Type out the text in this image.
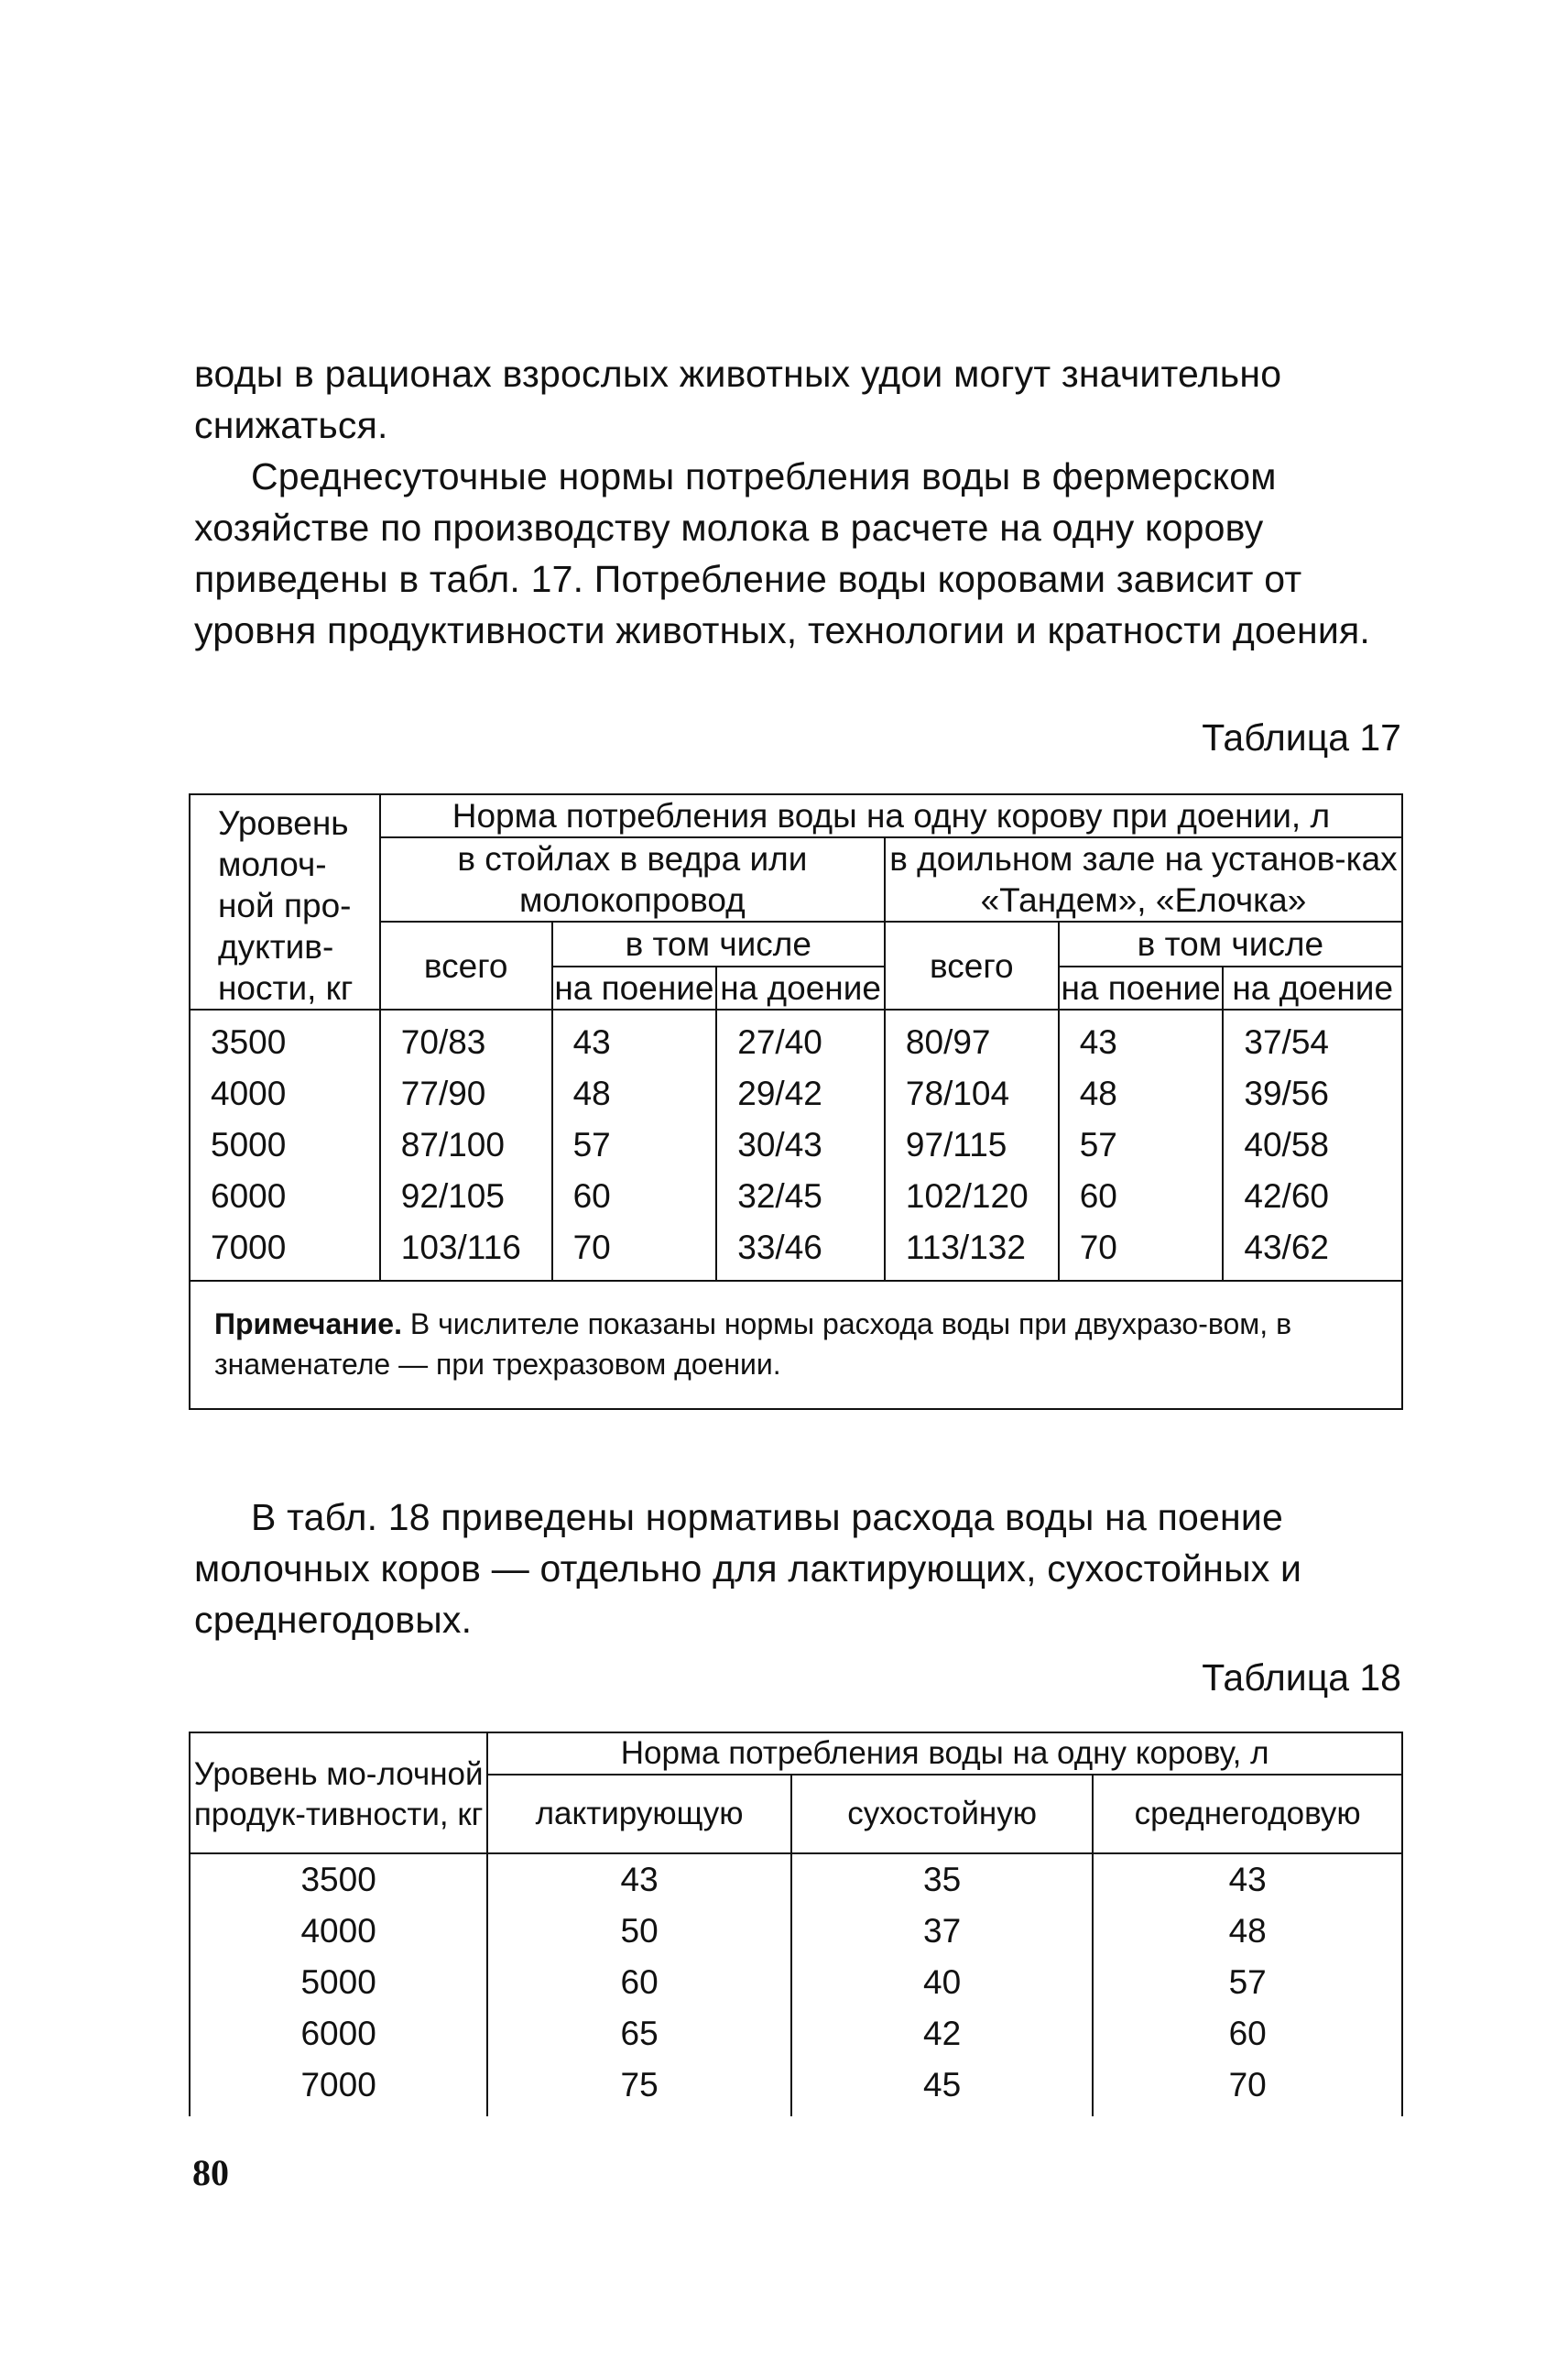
воды в рационах взрослых животных удои могут значительно снижаться.

Среднесуточные нормы потребления воды в фермерском хозяйстве по производству молока в расчете на одну корову приведены в табл. 17. Потребление воды коровами зависит от уровня продуктивности животных, технологии и кратности доения.

Таблица 17
Уровень молоч-ной про-дуктив-ности, кг	Норма потребления воды на одну корову при доении, л					
	в стойлах в ведра или молокопровод			в доильном зале на установ-ках «Тандем», «Елочка»		
	всего	в том числе		всего	в том числе	
		на поение	на доение		на поение	на доение
3500	70/83	43	27/40	80/97	43	37/54
4000	77/90	48	29/42	78/104	48	39/56
5000	87/100	57	30/43	97/115	57	40/58
6000	92/105	60	32/45	102/120	60	42/60
7000	103/116	70	33/46	113/132	70	43/62
Примечание. В числителе показаны нормы расхода воды при двухразо-вом, в знаменателе — при трехразовом доении.						

В табл. 18 приведены нормативы расхода воды на поение молочных коров — отдельно для лактирующих, сухостойных и среднегодовых.

Таблица 18
Уровень мо-лочной продук-тивности, кг	Норма потребления воды на одну корову, л		
	лактирующую	сухостойную	среднегодовую
3500	43	35	43
4000	50	37	48
5000	60	40	57
6000	65	42	60
7000	75	45	70
80
